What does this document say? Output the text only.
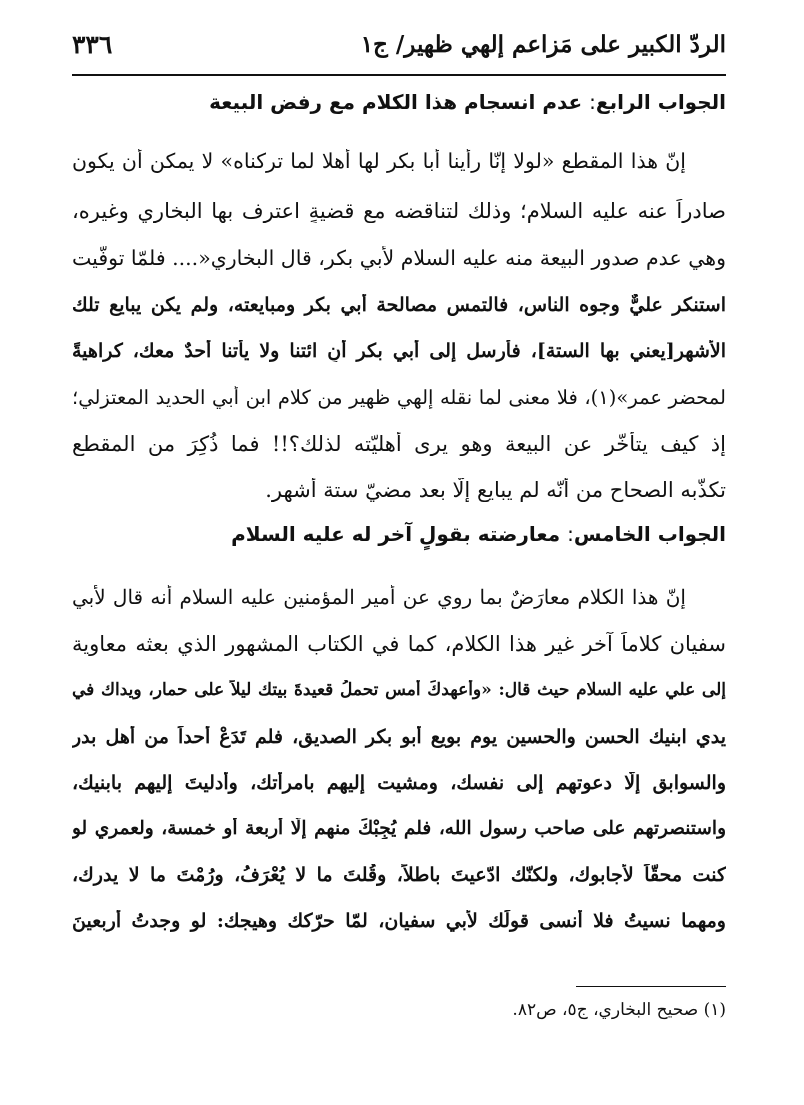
الردّ الكبير على مَزاعم إلهي ظهير/ ج١
٣٣٦
الجواب الرابع: عدم انسجام هذا الكلام مع رفض البيعة
إنّ هذا المقطع «لولا إنّا رأينا أبا بكر لها أهلا لما تركناه» لا يمكن أن يكون
صادراً عنه عليه السلام؛ وذلك لتناقضه مع قضيةٍ اعترف بها البخاري وغيره،
وهي عدم صدور البيعة منه عليه السلام لأبي بكر، قال البخاري«.... فلمّا توفّيت
استنكر عليٌّ وجوه الناس، فالتمس مصالحة أبي بكر ومبايعته، ولم يكن يبايع تلك
الأشهر[يعني بها الستة]، فأرسل إلى أبي بكر أنِ ائتنا ولا يأتنا أحدٌ معك، كراهيةً
لمحضرِ عمر»(١)، فلا معنى لما نقله إلهي ظهير من كلام ابن أبي الحديد المعتزلي؛
إذ كيف يتأخّر عن البيعة وهو يرى أهليّته لذلك؟!! فما ذُكِرَ من المقطع
تكذّبه الصحاح من أنّه لم يبايع إلّا بعد مضيّ ستة أشهر.
الجواب الخامس: معارضته بقولٍ آخر له عليه السلام
إنّ هذا الكلام معارَضٌ بما روي عن أمير المؤمنين عليه السلام أنه قال لأبي
سفيان كلاماً آخر غير هذا الكلام، كما في الكتاب المشهور الذي بعثه معاوية
إلى علي عليه السلام حيث قال: «وأعهدكَ أمس تحملُ قعيدةَ بيتك ليلاً على حمار، ويداك في
يدي ابنيك الحسن والحسين يوم بويع أبو بكر الصديق، فلم تَدَعْ أحداً من أهل بدر
والسوابق إلّا دعوتهم إلى نفسك، ومشيت إليهم بامرأتك، وأدليتَ إليهم بابنيك،
واستنصرتهم على صاحب رسول الله، فلم يُجِبْكَ منهم إلّا أربعة أو خمسة، ولعمري لو
كنت محقّاً لأجابوك، ولكنّك ادّعيتَ باطلاً، وقُلتَ ما لا يُعْرَفُ، ورُمْتَ ما لا يدرك،
ومهما نسيتُ فلا أنسى قولَك لأبي سفيان، لمّا حرّكك وهيجك: لو وجدتُ أربعينَ
(١) صحيح البخاري، ج٥، ص٨٢.
